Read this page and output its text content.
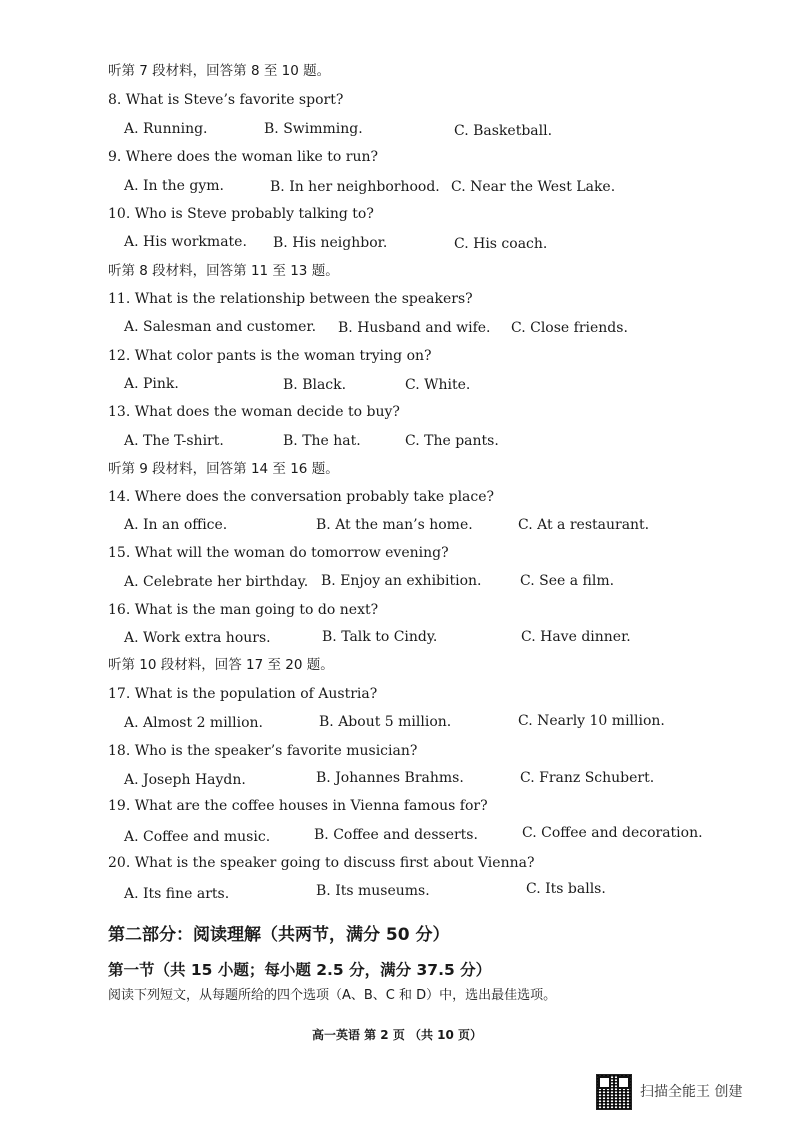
听第 7 段材料，回答第 8 至 10 题。
8. What is Steve’s favorite sport?
A. Running.	B. Swimming.	C. Basketball.
9. Where does the woman like to run?
A. In the gym.	B. In her neighborhood. C. Near the West Lake.
10. Who is Steve probably talking to?
A. His workmate. B. His neighbor.	C. His coach.
听第 8 段材料，回答第 11 至 13 题。
11. What is the relationship between the speakers?
A. Salesman and customer. B. Husband and wife. C. Close friends.
12. What color pants is the woman trying on?
A. Pink.	B. Black.	C. White.
13. What does the woman decide to buy?
A. The T-shirt.	B. The hat.	C. The pants.
听第 9 段材料，回答第 14 至 16 题。
14. Where does the conversation probably take place?
A. In an office.	B. At the man’s home.	C. At a restaurant.
15. What will the woman do tomorrow evening?
A. Celebrate her birthday. B. Enjoy an exhibition.	C. See a film.
16. What is the man going to do next?
A. Work extra hours.	B. Talk to Cindy.	C. Have dinner.
听第 10 段材料，回答 17 至 20 题。
17. What is the population of Austria?
A. Almost 2 million.	B. About 5 million.	C. Nearly 10 million.
18. Who is the speaker’s favorite musician?
A. Joseph Haydn.	B. Johannes Brahms.	C. Franz Schubert.
19. What are the coffee houses in Vienna famous for?
A. Coffee and music.	B. Coffee and desserts.	C. Coffee and decoration.
20. What is the speaker going to discuss first about Vienna?
A. Its fine arts.	B. Its museums.	C. Its balls.
第二部分：阅读理解（共两节，满分 50 分）
第一节（共 15 小题；每小题 2.5 分，满分 37.5 分）
阅读下列短文，从每题所给的四个选项（A、B、C 和 D）中，选出最佳选项。
高一英语 第 2 页 （共 10 页）
扫描全能王 创建
